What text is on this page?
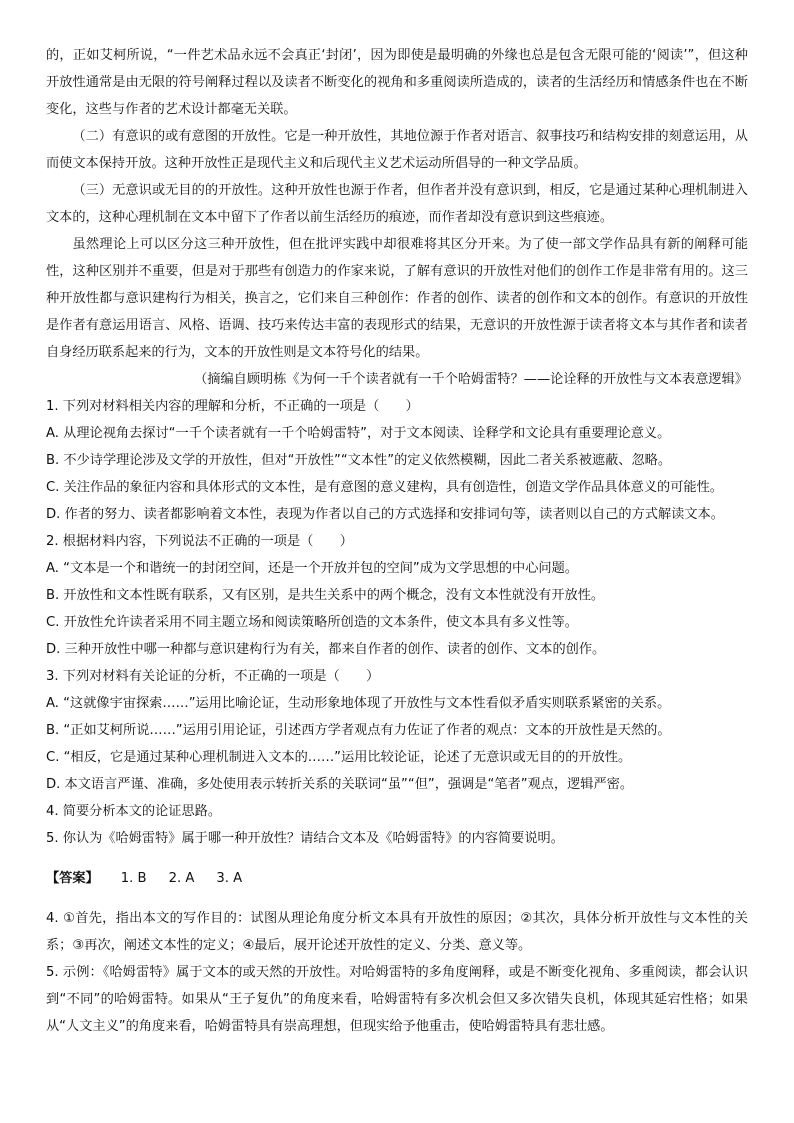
的，正如艾柯所说，“一件艺术品永远不会真正‘封闭’，因为即使是最明确的外缘也总是包含无限可能的‘阅读’”，但这种开放性通常是由无限的符号阐释过程以及读者不断变化的视角和多重阅读所造成的，读者的生活经历和情感条件也在不断变化，这些与作者的艺术设计都毫无关联。

（二）有意识的或有意图的开放性。它是一种开放性，其地位源于作者对语言、叙事技巧和结构安排的刻意运用，从而使文本保持开放。这种开放性正是现代主义和后现代主义艺术运动所倡导的一种文学品质。

（三）无意识或无目的的开放性。这种开放性也源于作者，但作者并没有意识到，相反，它是通过某种心理机制进入文本的，这种心理机制在文本中留下了作者以前生活经历的痕迹，而作者却没有意识到这些痕迹。

虽然理论上可以区分这三种开放性，但在批评实践中却很难将其区分开来。为了使一部文学作品具有新的阐释可能性，这种区别并不重要，但是对于那些有创造力的作家来说，了解有意识的开放性对他们的创作工作是非常有用的。这三种开放性都与意识建构行为相关，换言之，它们来自三种创作：作者的创作、读者的创作和文本的创作。有意识的开放性是作者有意运用语言、风格、语调、技巧来传达丰富的表现形式的结果，无意识的开放性源于读者将文本与其作者和读者自身经历联系起来的行为，文本的开放性则是文本符号化的结果。

（摘编自顾明栋《为何一千个读者就有一千个哈姆雷特？——论诠释的开放性与文本表意逻辑》

1. 下列对材料相关内容的理解和分析，不正确的一项是（　　）

A. 从理论视角去探讨“一千个读者就有一千个哈姆雷特”，对于文本阅读、诠释学和文论具有重要理论意义。

B. 不少诗学理论涉及文学的开放性，但对“开放性”“文本性”的定义依然模糊，因此二者关系被遮蔽、忽略。

C. 关注作品的象征内容和具体形式的文本性，是有意图的意义建构，具有创造性，创造文学作品具体意义的可能性。

D. 作者的努力、读者都影响着文本性，表现为作者以自己的方式选择和安排词句等，读者则以自己的方式解读文本。

2. 根据材料内容，下列说法不正确的一项是（　　）

A. “文本是一个和谐统一的封闭空间，还是一个开放并包的空间”成为文学思想的中心问题。

B. 开放性和文本性既有联系，又有区别，是共生关系中的两个概念，没有文本性就没有开放性。

C. 开放性允许读者采用不同主题立场和阅读策略所创造的文本条件，使文本具有多义性等。

D. 三种开放性中哪一种都与意识建构行为有关，都来自作者的创作、读者的创作、文本的创作。

3. 下列对材料有关论证的分析，不正确的一项是（　　）

A. “这就像宇宙探索……”运用比喻论证，生动形象地体现了开放性与文本性看似矛盾实则联系紧密的关系。

B. “正如艾柯所说……”运用引用论证，引述西方学者观点有力佐证了作者的观点：文本的开放性是天然的。

C. “相反，它是通过某种心理机制进入文本的……”运用比较论证，论述了无意识或无目的的开放性。

D. 本文语言严谨、准确，多处使用表示转折关系的关联词“虽”“但”，强调是“笔者”观点，逻辑严密。

4. 简要分析本文的论证思路。

5. 你认为《哈姆雷特》属于哪一种开放性？请结合文本及《哈姆雷特》的内容简要说明。

【答案】 1. B 2. A 3. A

4. ①首先，指出本文的写作目的：试图从理论角度分析文本具有开放性的原因；②其次，具体分析开放性与文本性的关系；③再次，阐述文本性的定义；④最后，展开论述开放性的定义、分类、意义等。

5. 示例：《哈姆雷特》属于文本的或天然的开放性。对哈姆雷特的多角度阐释，或是不断变化视角、多重阅读，都会认识到“不同”的哈姆雷特。如果从“王子复仇”的角度来看，哈姆雷特有多次机会但又多次错失良机，体现其延宕性格；如果从“人文主义”的角度来看，哈姆雷特具有崇高理想，但现实给予他重击，使哈姆雷特具有悲壮感。
